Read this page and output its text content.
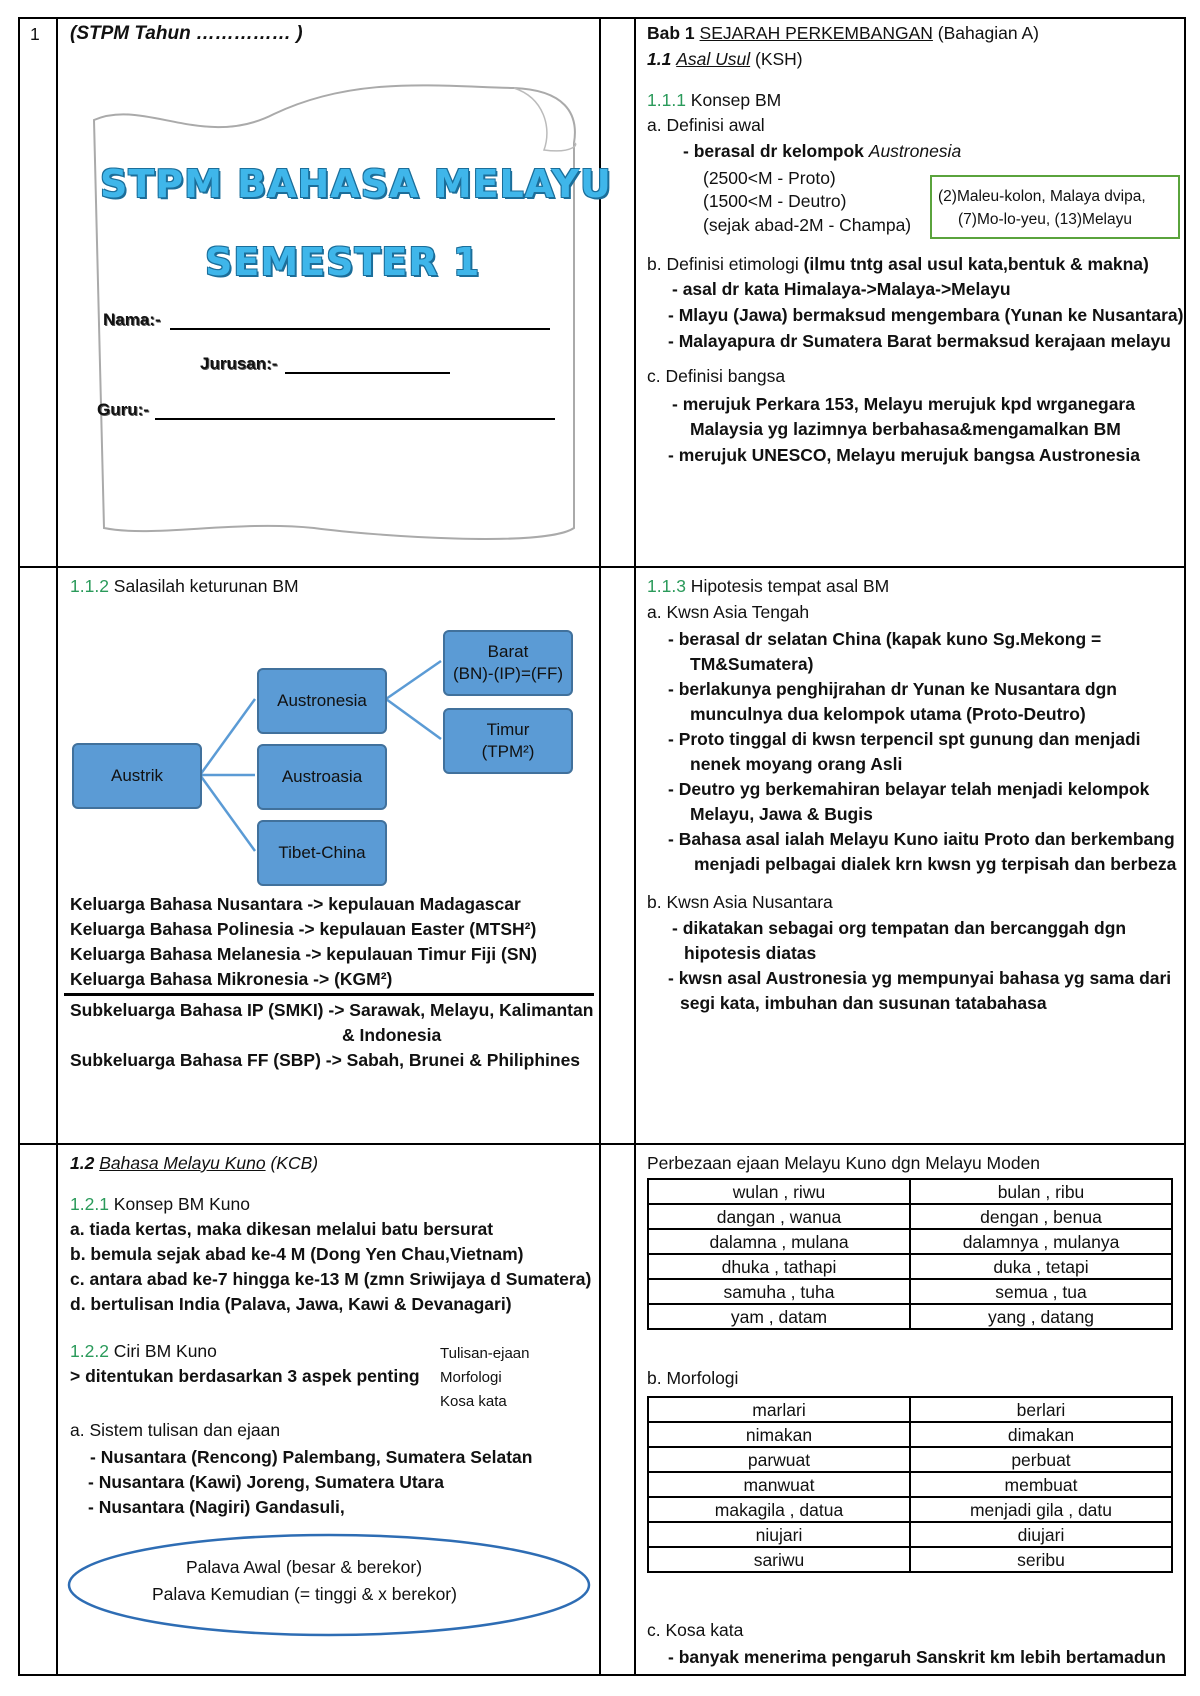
1 (STPM Tahun …………… )
STPM BAHASA MELAYU
SEMESTER 1
Nama:-
Jurusan:-
Guru:-
Bab 1 SEJARAH PERKEMBANGAN (Bahagian A)
1.1 Asal Usul (KSH)
1.1.1 Konsep BM
a. Definisi awal
- berasal dr kelompok Austronesia
(2500<M - Proto)
(1500<M - Deutro)
(sejak abad-2M - Champa)
(2)Maleu-kolon, Malaya dvipa,
(7)Mo-lo-yeu, (13)Melayu
b. Definisi etimologi (ilmu tntg asal usul kata,bentuk & makna)
- asal dr kata Himalaya->Malaya->Melayu
- Mlayu (Jawa) bermaksud mengembara (Yunan ke Nusantara)
- Malayapura dr Sumatera Barat bermaksud kerajaan melayu
c. Definisi bangsa
- merujuk Perkara 153, Melayu merujuk kpd wrganegara
Malaysia yg lazimnya berbahasa&mengamalkan BM
- merujuk UNESCO, Melayu merujuk bangsa Austronesia
1.1.2 Salasilah keturunan BM
Austrik
Austronesia
Austroasia
Tibet-China
Barat
(BN)-(IP)=(FF)
Timur
(TPM²)
Keluarga Bahasa Nusantara -> kepulauan Madagascar
Keluarga Bahasa Polinesia -> kepulauan Easter (MTSH²)
Keluarga Bahasa Melanesia -> kepulauan Timur Fiji (SN)
Keluarga Bahasa Mikronesia -> (KGM²)
Subkeluarga Bahasa IP (SMKI) -> Sarawak, Melayu, Kalimantan
& Indonesia
Subkeluarga Bahasa FF (SBP) -> Sabah, Brunei & Philiphines
1.1.3 Hipotesis tempat asal BM
a. Kwsn Asia Tengah
- berasal dr selatan China (kapak kuno Sg.Mekong =
TM&Sumatera)
- berlakunya penghijrahan dr Yunan ke Nusantara dgn
munculnya dua kelompok utama (Proto-Deutro)
- Proto tinggal di kwsn terpencil spt gunung dan menjadi
nenek moyang orang Asli
- Deutro yg berkemahiran belayar telah menjadi kelompok
Melayu, Jawa & Bugis
- Bahasa asal ialah Melayu Kuno iaitu Proto dan berkembang
menjadi pelbagai dialek krn kwsn yg terpisah dan berbeza
b. Kwsn Asia Nusantara
- dikatakan sebagai org tempatan dan bercanggah dgn
hipotesis diatas
- kwsn asal Austronesia yg mempunyai bahasa yg sama dari
segi kata, imbuhan dan susunan tatabahasa
1.2 Bahasa Melayu Kuno (KCB)
1.2.1 Konsep BM Kuno
a. tiada kertas, maka dikesan melalui batu bersurat
b. bemula sejak abad ke-4 M (Dong Yen Chau,Vietnam)
c. antara abad ke-7 hingga ke-13 M (zmn Sriwijaya d Sumatera)
d. bertulisan India (Palava, Jawa, Kawi & Devanagari)
1.2.2 Ciri BM Kuno
> ditentukan berdasarkan 3 aspek penting
Tulisan-ejaan
Morfologi
Kosa kata
a. Sistem tulisan dan ejaan
- Nusantara (Rencong) Palembang, Sumatera Selatan
- Nusantara (Kawi) Joreng, Sumatera Utara
- Nusantara (Nagiri) Gandasuli,
Palava Awal (besar & berekor)
Palava Kemudian (= tinggi & x berekor)
Perbezaan ejaan Melayu Kuno dgn Melayu Moden
wulan , riwu	bulan , ribu
dangan , wanua	dengan , benua
dalamna , mulana	dalamnya , mulanya
dhuka , tathapi	duka , tetapi
samuha , tuha	semua , tua
yam , datam	yang , datang
b. Morfologi
marlari	berlari
nimakan	dimakan
parwuat	perbuat
manwuat	membuat
makagila , datua	menjadi gila , datu
niujari	diujari
sariwu	seribu
c. Kosa kata
- banyak menerima pengaruh Sanskrit km lebih bertamadun
